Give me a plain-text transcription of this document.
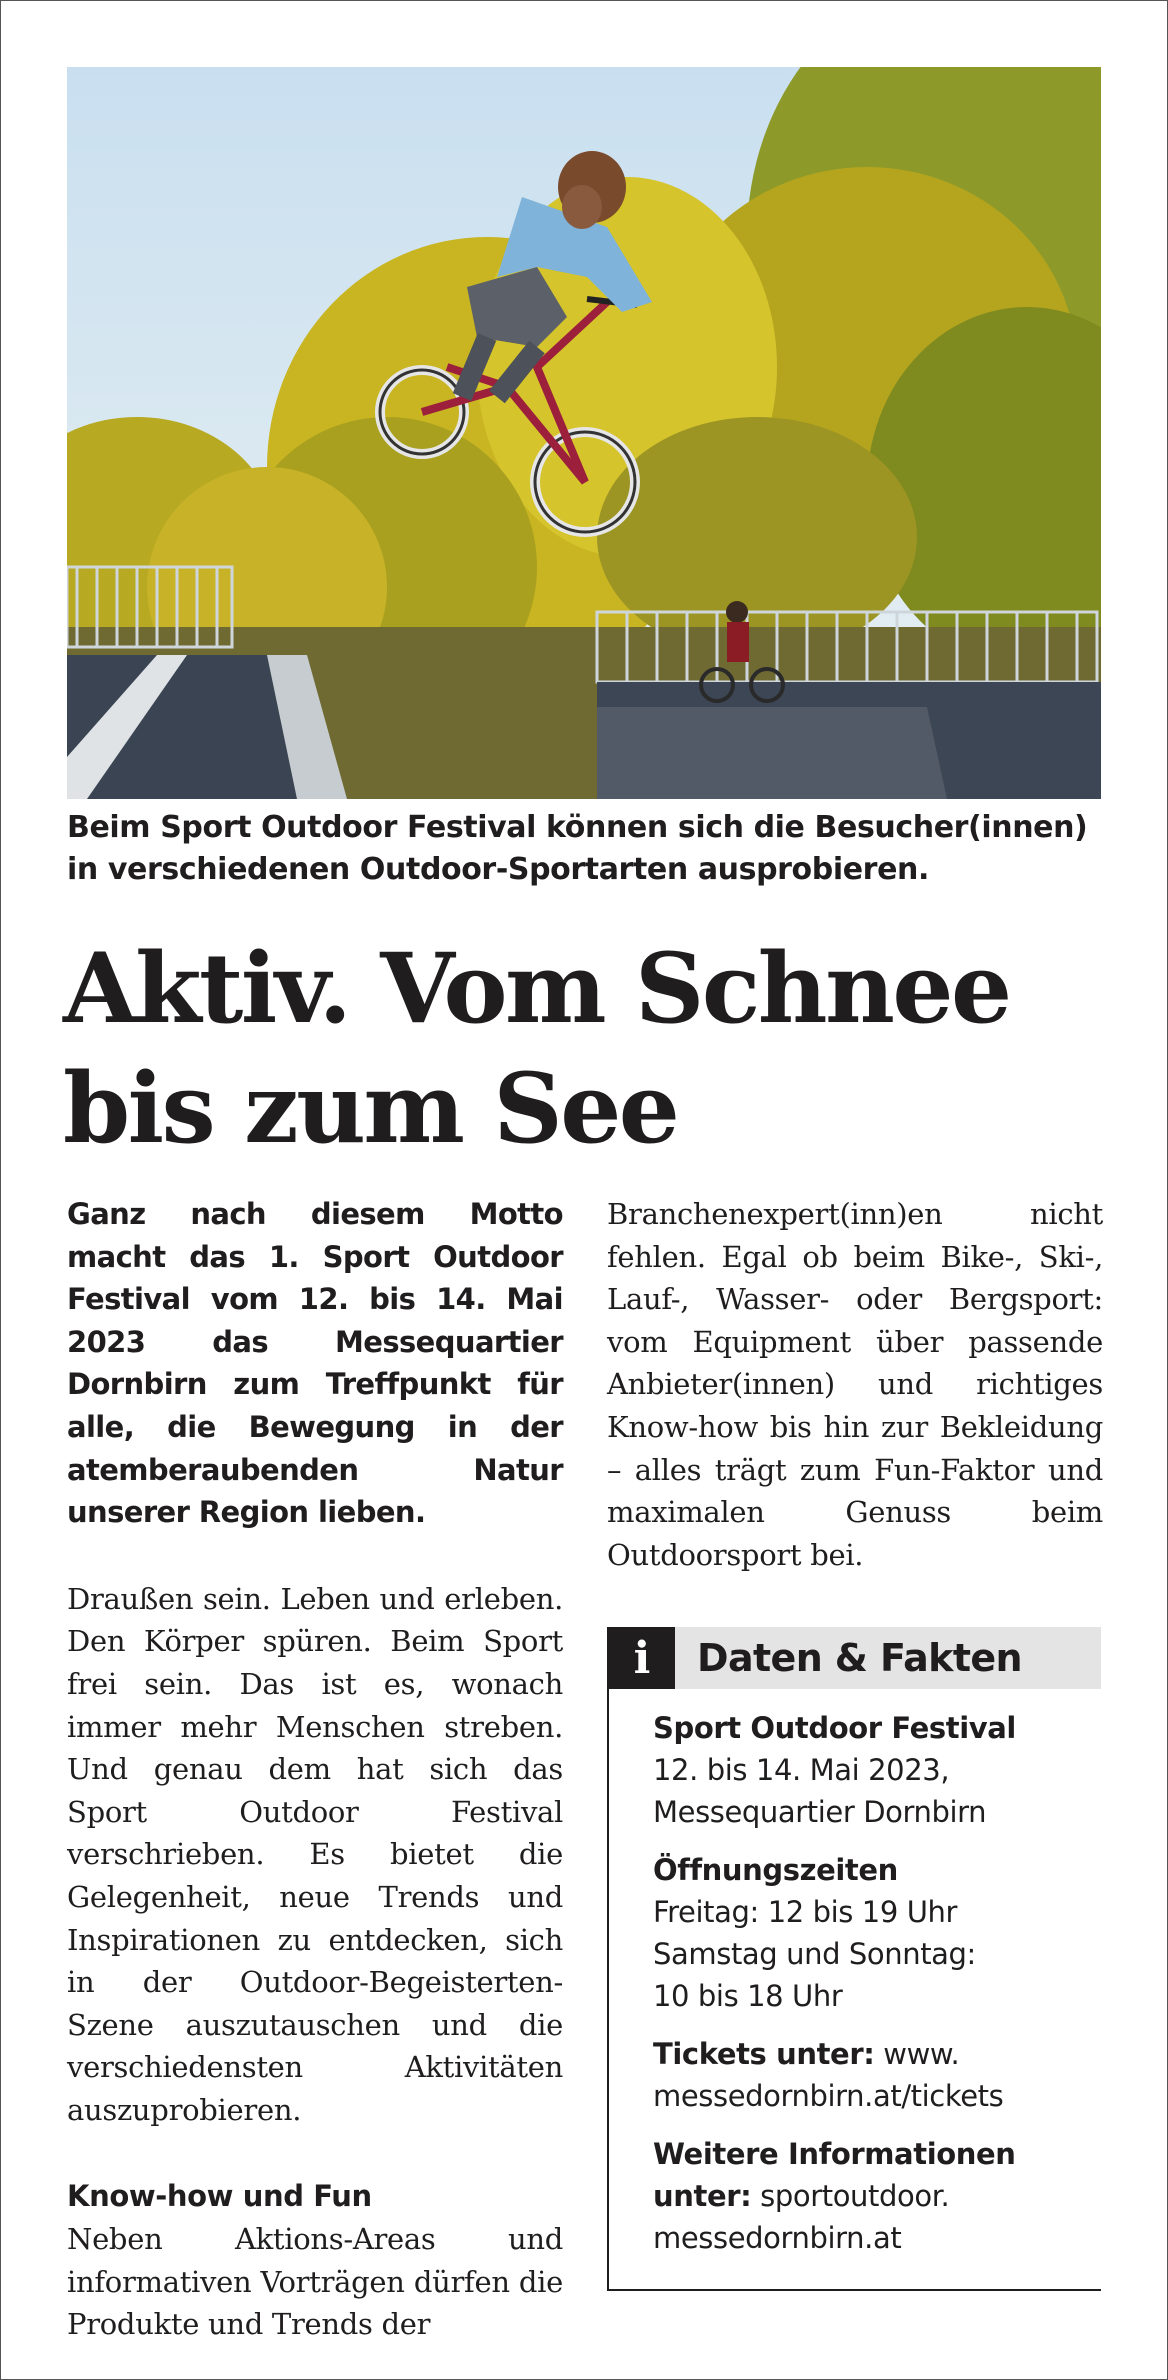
Beim Sport Outdoor Festival können sich die Besucher(innen) in verschiedenen Outdoor-Sportarten ausprobieren.
Aktiv. Vom Schnee
bis zum See
Ganz nach diesem Motto macht das 1. Sport Outdoor Festival vom 12. bis 14. Mai 2023 das Messequartier Dornbirn zum Treffpunkt für alle, die Bewegung in der atemberaubenden Natur unserer Region lieben.
Draußen sein. Leben und erleben. Den Körper spüren. Beim Sport frei sein. Das ist es, wonach immer mehr Menschen streben. Und genau dem hat sich das Sport Outdoor Festival verschrieben. Es bietet die Gelegenheit, neue Trends und Inspirationen zu entdecken, sich in der Outdoor-Begeisterten-Szene auszutauschen und die verschiedensten Aktivitäten auszuprobieren.
Know-how und Fun
Neben Aktions-Areas und informativen Vorträgen dürfen die Produkte und Trends der
Branchenexpert(inn)en nicht fehlen. Egal ob beim Bike-, Ski-, Lauf-, Wasser- oder Bergsport: vom Equipment über passende Anbieter(innen) und richtiges Know-how bis hin zur Bekleidung – alles trägt zum Fun-Faktor und maximalen Genuss beim Outdoorsport bei.
i	Daten & Fakten
Sport Outdoor Festival
12. bis 14. Mai 2023,
Messequartier Dornbirn
Öffnungszeiten
Freitag: 12 bis 19 Uhr
Samstag und Sonntag:
10 bis 18 Uhr
Tickets unter: www.
messedornbirn.at/tickets
Weitere Informationen
unter: sportoutdoor.
messedornbirn.at
